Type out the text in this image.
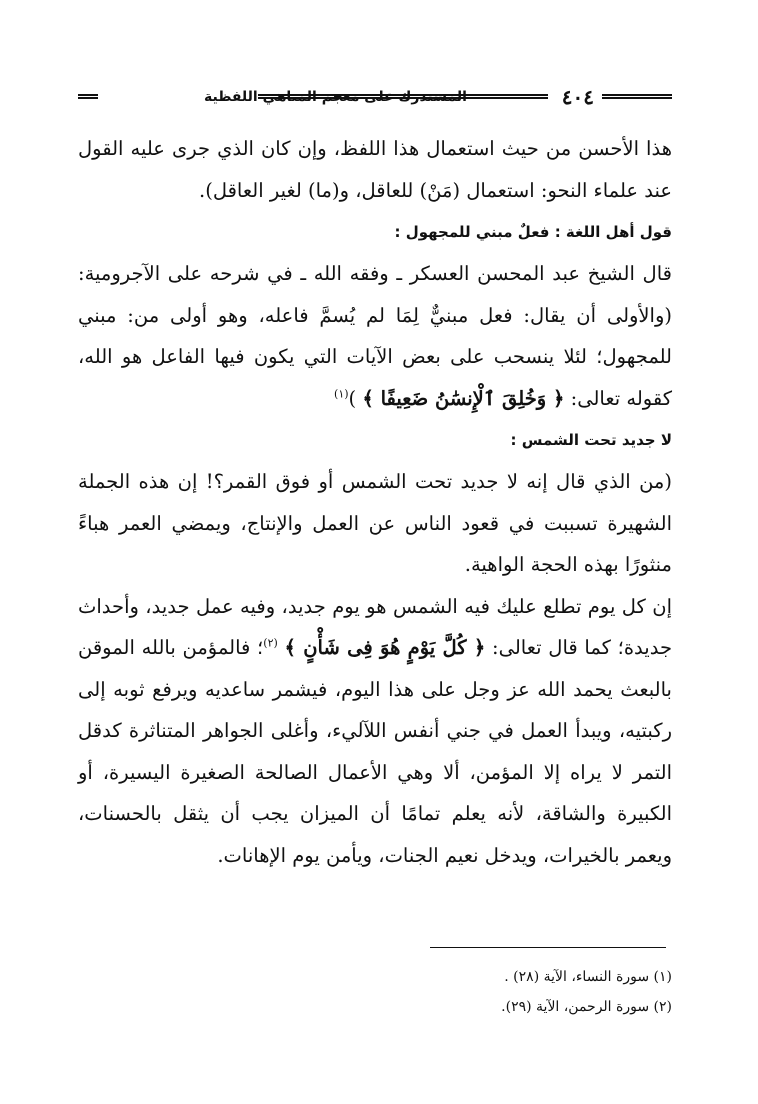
٤٠٤
المستدرك على معجم المناهي اللفظية

هذا الأحسن من حيث استعمال هذا اللفظ، وإن كان الذي جرى عليه القول عند علماء النحو: استعمال (مَنْ) للعاقل، و(ما) لغير العاقل).

قول أهل اللغة : فعلٌ مبني للمجهول :

قال الشيخ عبد المحسن العسكر ـ وفقه الله ـ في شرحه على الآجرومية: (والأولى أن يقال: فعل مبنيٌّ لِمَا لم يُسمَّ فاعله، وهو أولى من: مبني للمجهول؛ لئلا ينسحب على بعض الآيات التي يكون فيها الفاعل هو الله، كقوله تعالى: ﴿ وَخُلِقَ ٱلْإِنسَٰنُ ضَعِيفًا ﴾ )$^{(١)}$

لا جديد تحت الشمس :

(من الذي قال إنه لا جديد تحت الشمس أو فوق القمر؟! إن هذه الجملة الشهيرة تسببت في قعود الناس عن العمل والإنتاج، ويمضي العمر هباءً منثورًا بهذه الحجة الواهية.

إن كل يوم تطلع عليك فيه الشمس هو يوم جديد، وفيه عمل جديد، وأحداث جديدة؛ كما قال تعالى: ﴿ كُلَّ يَوْمٍ هُوَ فِى شَأْنٍ ﴾ $^{(٢)}$؛ فالمؤمن بالله الموقن بالبعث يحمد الله عز وجل على هذا اليوم، فيشمر ساعديه ويرفع ثوبه إلى ركبتيه، ويبدأ العمل في جني أنفس اللآليء، وأغلى الجواهر المتناثرة كدقل التمر لا يراه إلا المؤمن، ألا وهي الأعمال الصالحة الصغيرة اليسيرة، أو الكبيرة والشاقة، لأنه يعلم تمامًا أن الميزان يجب أن يثقل بالحسنات، ويعمر بالخيرات، ويدخل نعيم الجنات، ويأمن يوم الإهانات.

(١) سورة النساء، الآية (٢٨) .

(٢) سورة الرحمن، الآية (٢٩).
